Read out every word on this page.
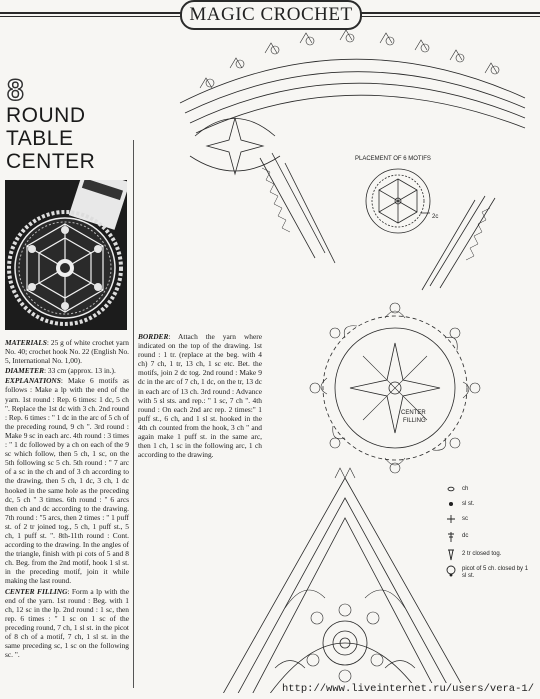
MAGIC CROCHET
8
ROUND
TABLE
CENTER

MATERIALS: 25 g of white crochet yarn No. 40; crochet hook No. 22 (English No. 5, International No. 1,00).

DIAMETER: 33 cm (approx. 13 in.).

EXPLANATIONS: Make 6 motifs as follows : Make a lp with the end of the yarn. 1st round : Rep. 6 times: 1 dc, 5 ch ". Replace the 1st dc with 3 ch. 2nd round : Rep. 6 times : " 1 dc in the arc of 5 ch of the preceding round, 9 ch ". 3rd round : Make 9 sc in each arc. 4th round : 3 times : " 1 dc followed by a ch on each of the 9 sc which follow, then 5 ch, 1 sc, on the 5th following sc 5 ch. 5th round : " 7 arc of a sc in the ch and of 3 ch according to the drawing, then 5 ch, 1 dc, 3 ch, 1 dc hooked in the same hole as the preceding dc, 5 ch " 3 times. 6th round : " 6 arcs then ch and dc according to the drawing. 7th round : "5 arcs, then 2 times : " 1 puff st. of 2 tr joined tog., 5 ch, 1 puff st., 5 ch, 1 puff st. ". 8th-11th round : Cont. according to the drawing. In the angles of the triangle, finish with pi cots of 5 and 8 ch. Beg. from the 2nd motif, hook 1 sl st. in the preceding motif, join it while making the last round.

CENTER FILLING: Form a lp with the end of the yarn. 1st round : Beg. with 1 ch, 12 sc in the lp. 2nd round : 1 sc, then rep. 6 times : " 1 sc on 1 sc of the preceding round, 7 ch, 1 sl st. in the picot of 8 ch of a motif, 7 ch, 1 sl st. in the same preceding sc, 1 sc on the following sc. ".

BORDER: Attach the yarn where indicated on the top of the drawing. 1st round : 1 tr. (replace at the beg. with 4 ch) 7 ch, 1 tr, 13 ch, 1 sc etc. Bet. the motifs, join 2 dc tog. 2nd round : Make 9 dc in the arc of 7 ch, 1 dc, on the tr, 13 dc in each arc of 13 ch. 3rd round : Advance with 5 sl sts. and rep.: " 1 sc, 7 ch ". 4th round : On each 2nd arc rep. 2 times:" 1 puff st., 6 ch, and 1 sl st. hooked in the 4th ch counted from the hook, 3 ch " and again make 1 puff st. in the same arc, then 1 ch, 1 sc in the following arc, 1 ch according to the drawing.

PLACEMENT OF 6 MOTIFS
2c
CENTER
FILLING
ch
sl st.
sc
dc
2 tr closed tog.
picot of 5 ch. closed by 1 sl st.
http://www.liveinternet.ru/users/vera-1/
